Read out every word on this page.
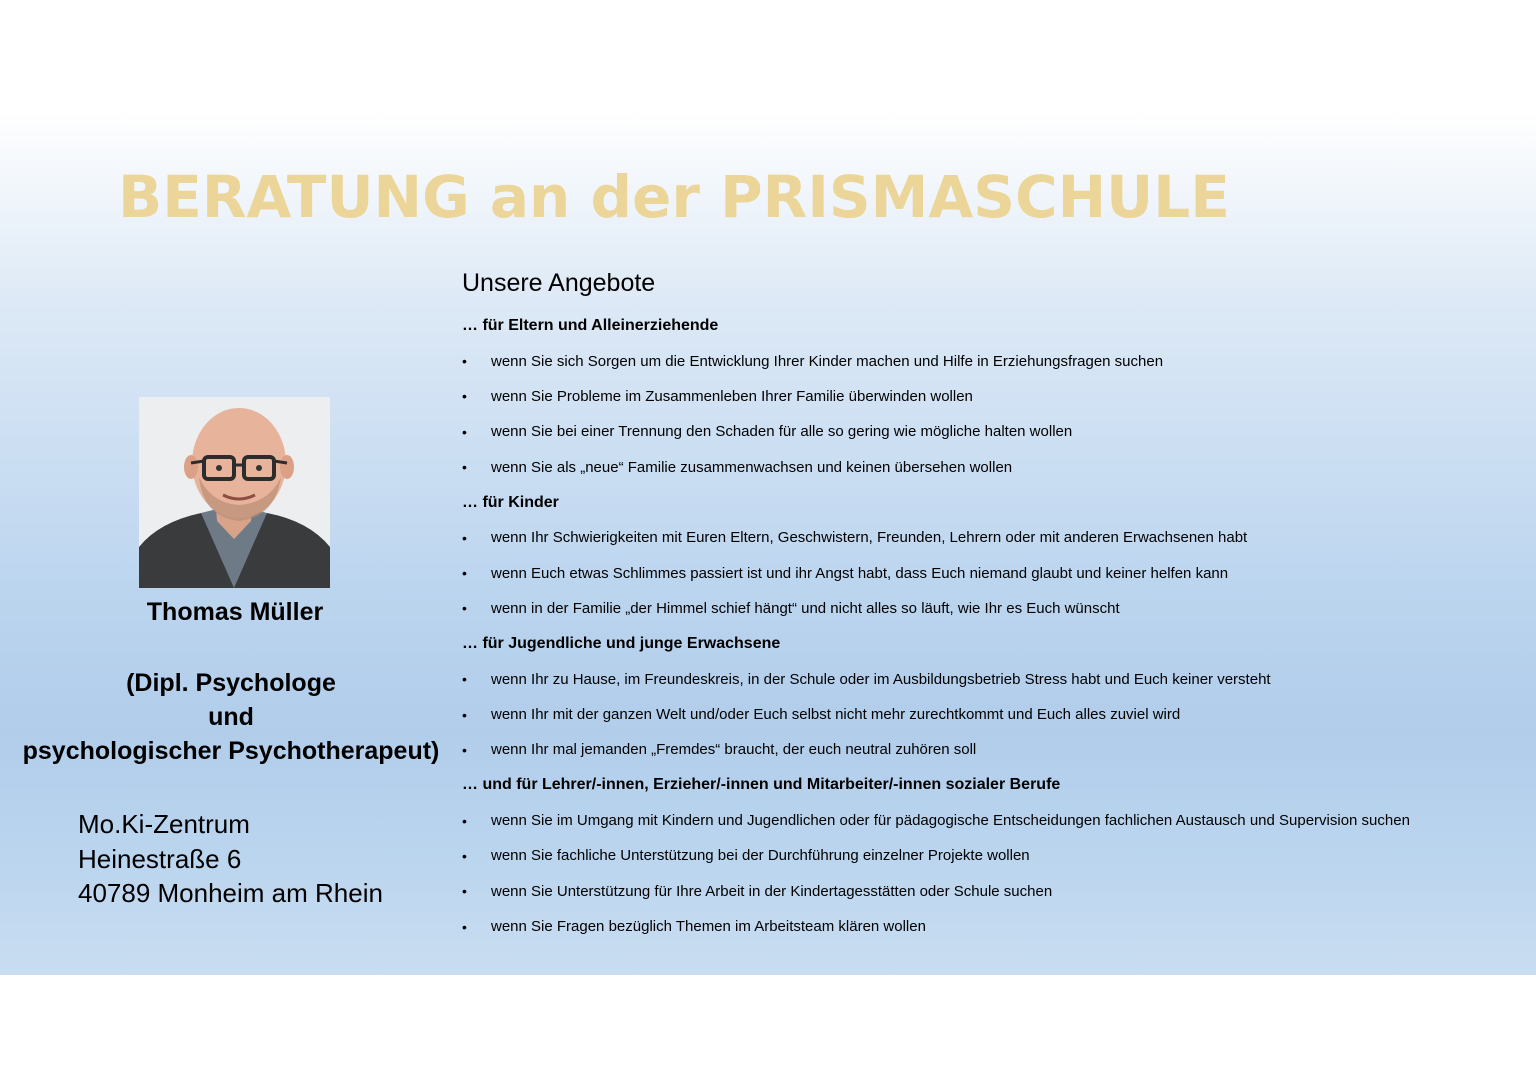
BERATUNG an der PRISMASCHULE
Thomas Müller
(Dipl. Psychologe
und
psychologischer Psychotherapeut)
Mo.Ki-Zentrum
Heinestraße 6
40789 Monheim am Rhein
Unsere Angebote
… für Eltern und Alleinerziehende
•	wenn Sie sich Sorgen um die Entwicklung Ihrer Kinder machen und Hilfe in Erziehungsfragen suchen
•	wenn Sie Probleme im Zusammenleben Ihrer Familie überwinden wollen
•	wenn Sie bei einer Trennung den Schaden für alle so gering wie mögliche halten wollen
•	wenn Sie als „neue“ Familie zusammenwachsen und keinen übersehen wollen
… für Kinder
•	wenn Ihr Schwierigkeiten mit Euren Eltern, Geschwistern, Freunden, Lehrern oder mit anderen Erwachsenen habt
•	wenn Euch etwas Schlimmes passiert ist und ihr Angst habt, dass Euch niemand glaubt und keiner helfen kann
•	wenn in der Familie „der Himmel schief hängt“ und nicht alles so läuft, wie Ihr es Euch wünscht
… für Jugendliche und junge Erwachsene
•	wenn Ihr zu Hause, im Freundeskreis, in der Schule oder im Ausbildungsbetrieb Stress habt und Euch keiner versteht
•	wenn Ihr mit der ganzen Welt und/oder Euch selbst nicht mehr zurechtkommt und Euch alles zuviel wird
•	wenn Ihr mal jemanden „Fremdes“ braucht, der euch neutral zuhören soll
… und für Lehrer/-innen, Erzieher/-innen und Mitarbeiter/-innen sozialer Berufe
•	wenn Sie im Umgang mit Kindern und Jugendlichen oder für pädagogische Entscheidungen fachlichen Austausch und Supervision suchen
•	wenn Sie fachliche Unterstützung bei der Durchführung einzelner Projekte wollen
•	wenn Sie Unterstützung für Ihre Arbeit in der Kindertagesstätten oder Schule suchen
•	wenn Sie Fragen bezüglich Themen im Arbeitsteam klären wollen
